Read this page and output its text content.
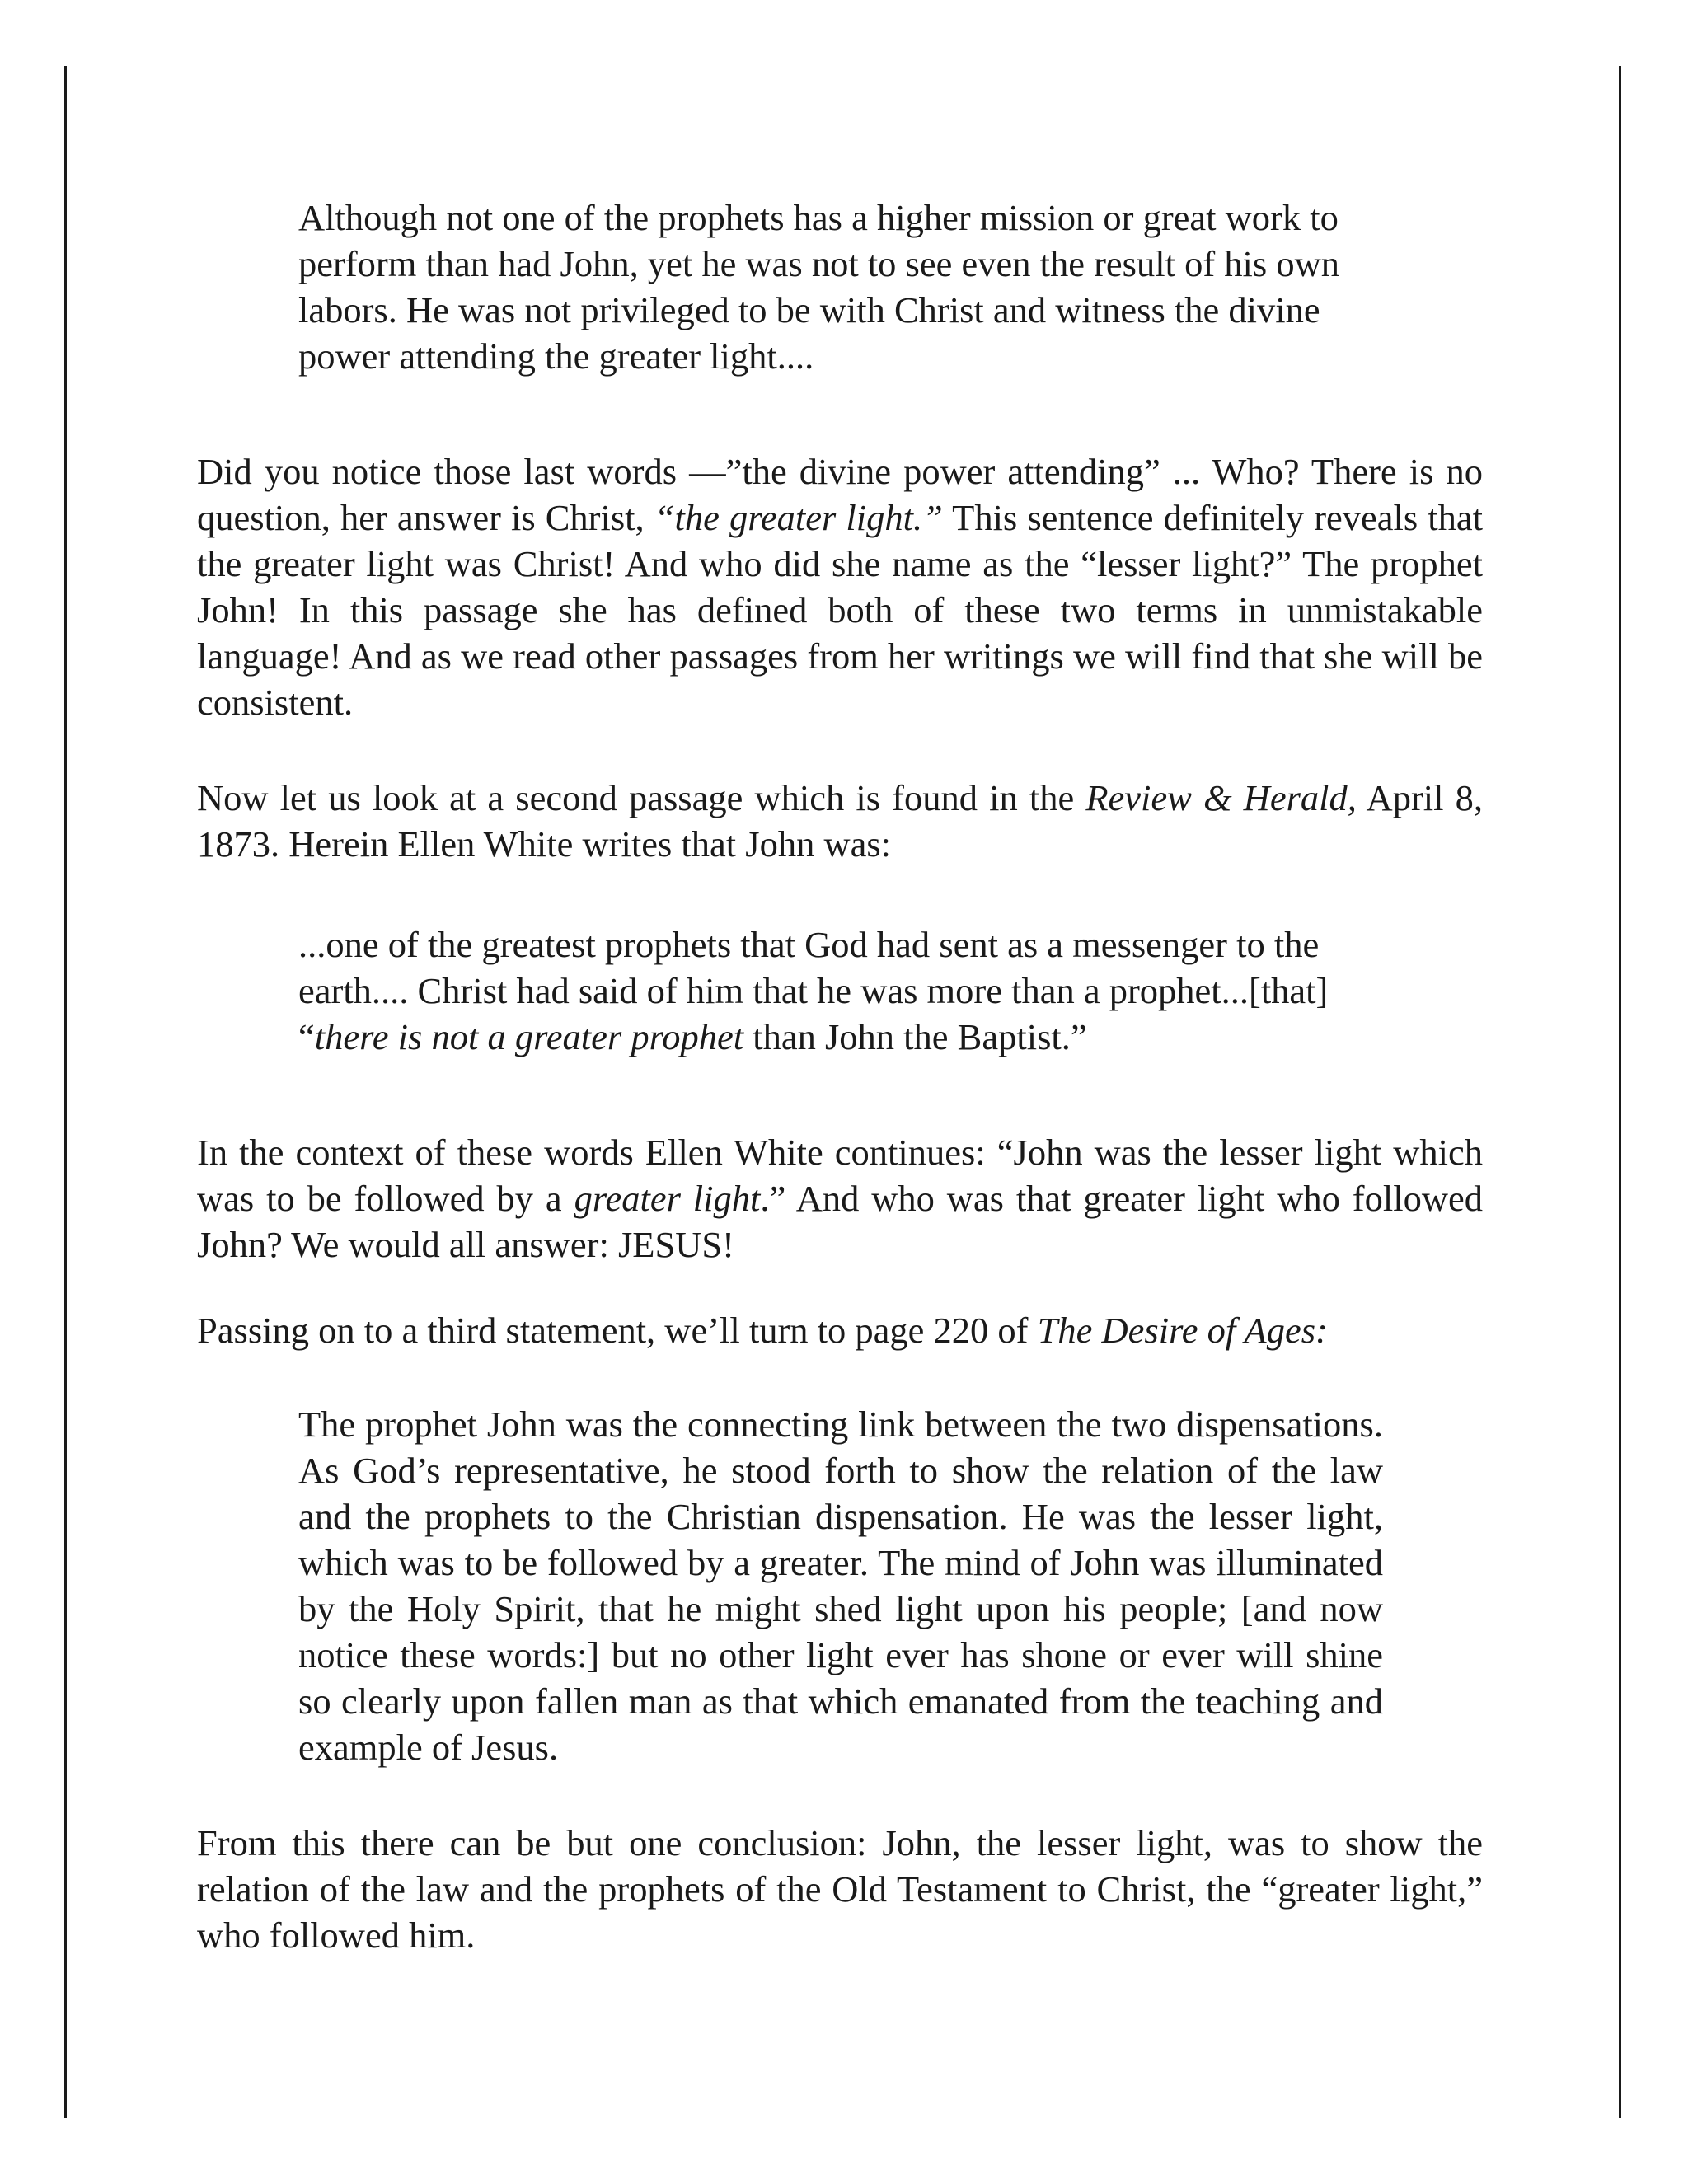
Although not one of the prophets has a higher mission or great work to perform than had John, yet he was not to see even the result of his own labors. He was not privileged to be with Christ and witness the divine power attending the greater light....

Did you notice those last words —”the divine power attending” ... Who? There is no question, her answer is Christ, “the greater light.” This sentence definitely reveals that the greater light was Christ! And who did she name as the “lesser light?” The prophet John! In this passage she has defined both of these two terms in unmistakable language! And as we read other passages from her writings we will find that she will be consistent.

Now let us look at a second passage which is found in the Review & Herald, April 8, 1873. Herein Ellen White writes that John was:

...one of the greatest prophets that God had sent as a messenger to the earth.... Christ had said of him that he was more than a prophet...[that] “there is not a greater prophet than John the Baptist.”

In the context of these words Ellen White continues: “John was the lesser light which was to be followed by a greater light.” And who was that greater light who followed John? We would all answer: JESUS!

Passing on to a third statement, we’ll turn to page 220 of The Desire of Ages:

The prophet John was the connecting link between the two dispensations. As God’s representative, he stood forth to show the relation of the law and the prophets to the Christian dispensation. He was the lesser light, which was to be followed by a greater. The mind of John was illuminated by the Holy Spirit, that he might shed light upon his people; [and now notice these words:] but no other light ever has shone or ever will shine so clearly upon fallen man as that which emanated from the teaching and example of Jesus.

From this there can be but one conclusion: John, the lesser light, was to show the relation of the law and the prophets of the Old Testament to Christ, the “greater light,” who followed him.
